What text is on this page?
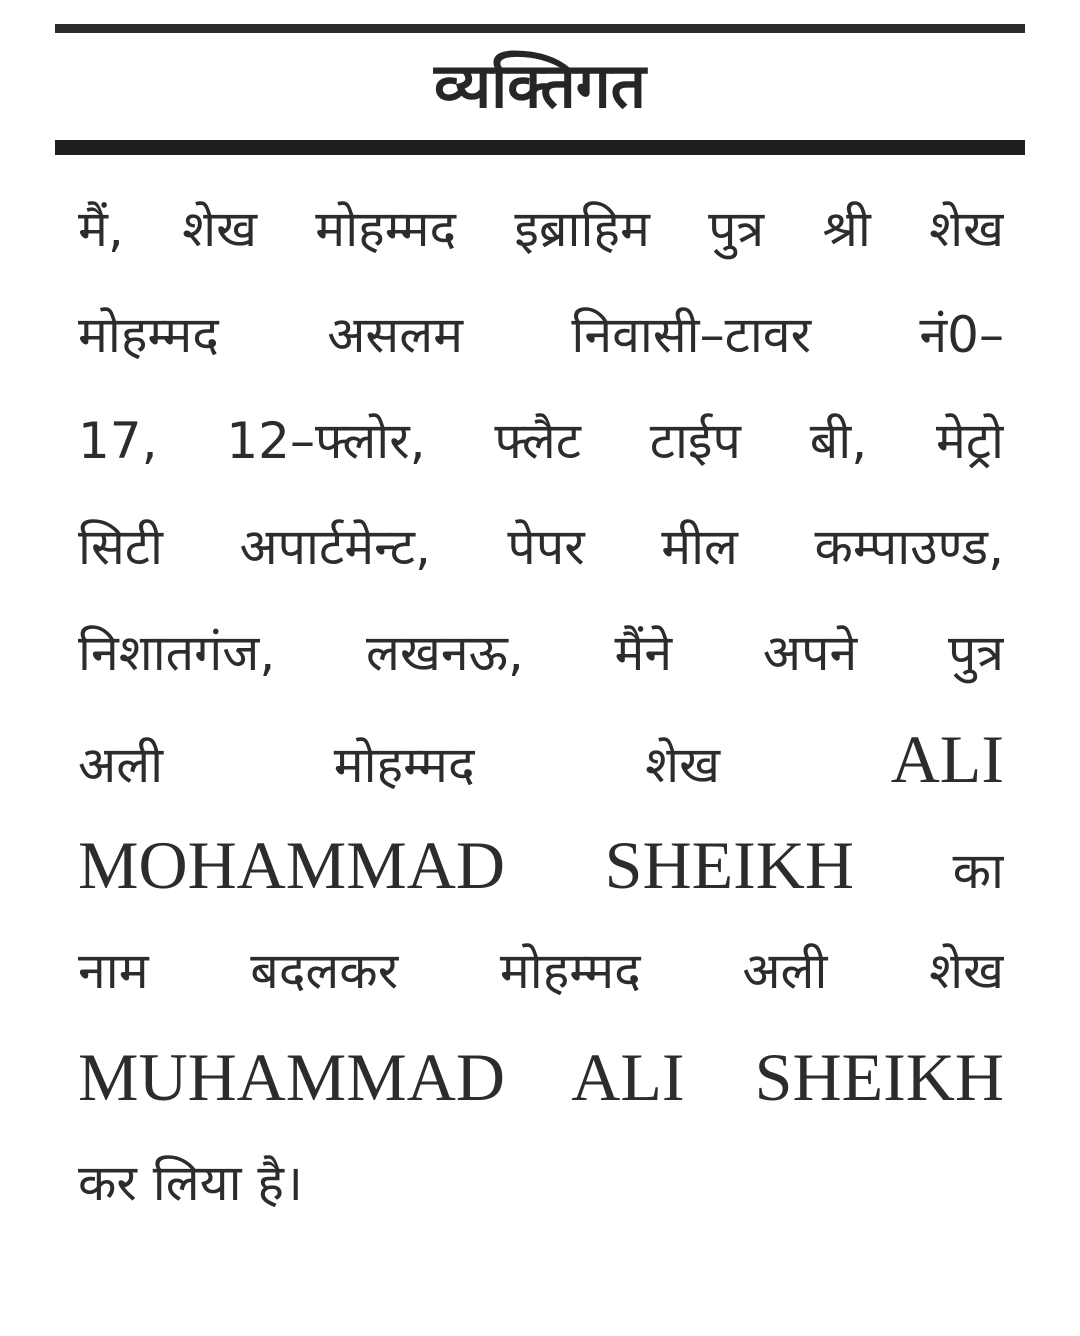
व्यक्तिगत
मैं, शेख मोहम्मद इब्राहिम पुत्र श्री शेख
मोहम्मद असलम निवासी–टावर नं0–
17, 12–फ्लोर, फ्लैट टाईप बी, मेट्रो
सिटी अपार्टमेन्ट, पेपर मील कम्पाउण्ड,
निशातगंज, लखनऊ, मैंने अपने पुत्र
अली मोहम्मद शेख ALI
MOHAMMAD SHEIKH का
नाम बदलकर मोहम्मद अली शेख
MUHAMMAD ALI SHEIKH
कर लिया है।
